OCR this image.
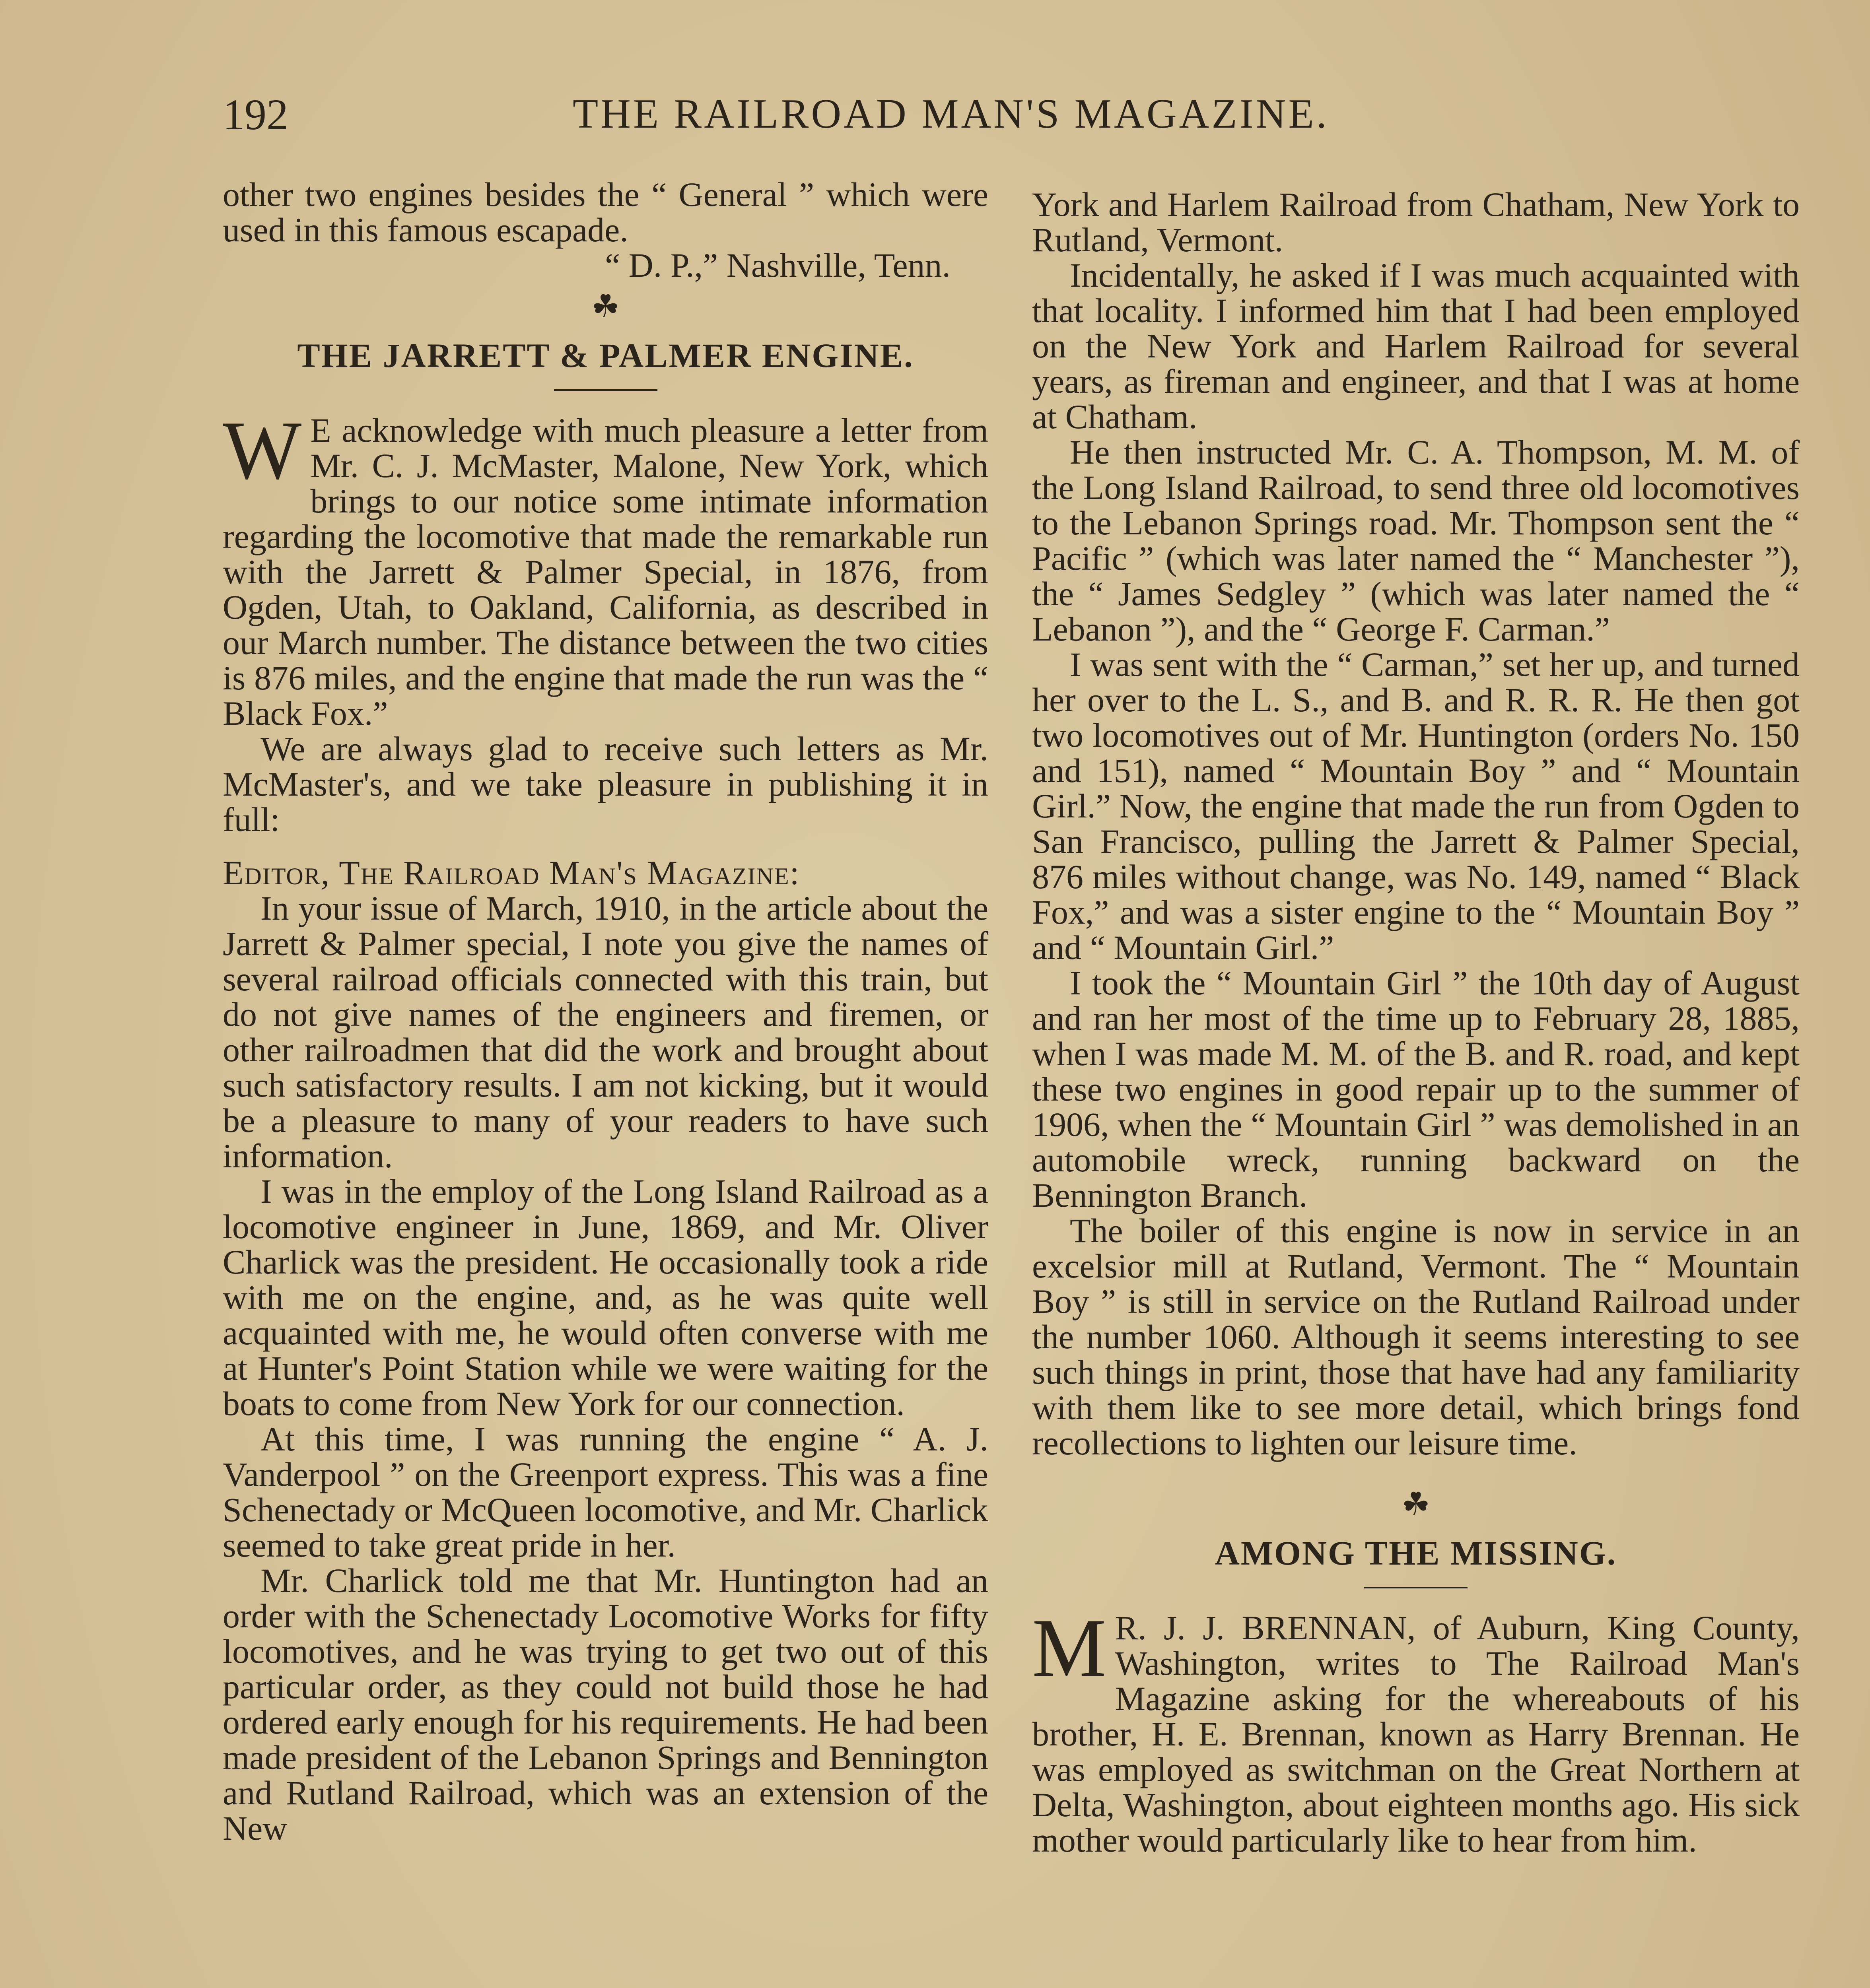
192	THE RAILROAD MAN'S MAGAZINE.

other two engines besides the “ General ” which were used in this famous escapade.

“ D. P.,” Nashville, Tenn.

☘
THE JARRETT & PALMER ENGINE.

W E acknowledge with much pleasure a letter from Mr. C. J. McMaster, Malone, New York, which brings to our notice some intimate information regarding the locomotive that made the remarkable run with the Jarrett & Palmer Special, in 1876, from Ogden, Utah, to Oakland, California, as described in our March number. The distance between the two cities is 876 miles, and the engine that made the run was the “ Black Fox.”

We are always glad to receive such letters as Mr. McMaster's, and we take pleasure in publishing it in full:

Editor, The Railroad Man's Magazine:

In your issue of March, 1910, in the article about the Jarrett & Palmer special, I note you give the names of several railroad officials connected with this train, but do not give names of the engineers and firemen, or other railroadmen that did the work and brought about such satisfactory results. I am not kicking, but it would be a pleasure to many of your readers to have such information.

I was in the employ of the Long Island Railroad as a locomotive engineer in June, 1869, and Mr. Oliver Charlick was the president. He occasionally took a ride with me on the engine, and, as he was quite well acquainted with me, he would often converse with me at Hunter's Point Station while we were waiting for the boats to come from New York for our connection.

At this time, I was running the engine “ A. J. Vanderpool ” on the Greenport express. This was a fine Schenectady or McQueen locomotive, and Mr. Charlick seemed to take great pride in her.

Mr. Charlick told me that Mr. Huntington had an order with the Schenectady Locomotive Works for fifty locomotives, and he was trying to get two out of this particular order, as they could not build those he had ordered early enough for his requirements. He had been made president of the Lebanon Springs and Bennington and Rutland Railroad, which was an extension of the New

York and Harlem Railroad from Chatham, New York to Rutland, Vermont.

Incidentally, he asked if I was much acquainted with that locality. I informed him that I had been employed on the New York and Harlem Railroad for several years, as fireman and engineer, and that I was at home at Chatham.

He then instructed Mr. C. A. Thompson, M. M. of the Long Island Railroad, to send three old locomotives to the Lebanon Springs road. Mr. Thompson sent the “ Pacific ” (which was later named the “ Manchester ”), the “ James Sedgley ” (which was later named the “ Lebanon ”), and the “ George F. Carman.”

I was sent with the “ Carman,” set her up, and turned her over to the L. S., and B. and R. R. R. He then got two locomotives out of Mr. Huntington (orders No. 150 and 151), named “ Mountain Boy ” and “ Mountain Girl.” Now, the engine that made the run from Ogden to San Francisco, pulling the Jarrett & Palmer Special, 876 miles without change, was No. 149, named “ Black Fox,” and was a sister engine to the “ Mountain Boy ” and “ Mountain Girl.”

I took the “ Mountain Girl ” the 10th day of August and ran her most of the time up to February 28, 1885, when I was made M. M. of the B. and R. road, and kept these two engines in good repair up to the summer of 1906, when the “ Mountain Girl ” was demolished in an automobile wreck, running backward on the Bennington Branch.

The boiler of this engine is now in service in an excelsior mill at Rutland, Vermont. The “ Mountain Boy ” is still in service on the Rutland Railroad under the number 1060. Although it seems interesting to see such things in print, those that have had any familiarity with them like to see more detail, which brings fond recollections to lighten our leisure time.

☘
AMONG THE MISSING.

M R. J. J. BRENNAN, of Auburn, King County, Washington, writes to The Railroad Man's Magazine asking for the whereabouts of his brother, H. E. Brennan, known as Harry Brennan. He was employed as switchman on the Great Northern at Delta, Washington, about eighteen months ago. His sick mother would particularly like to hear from him.
